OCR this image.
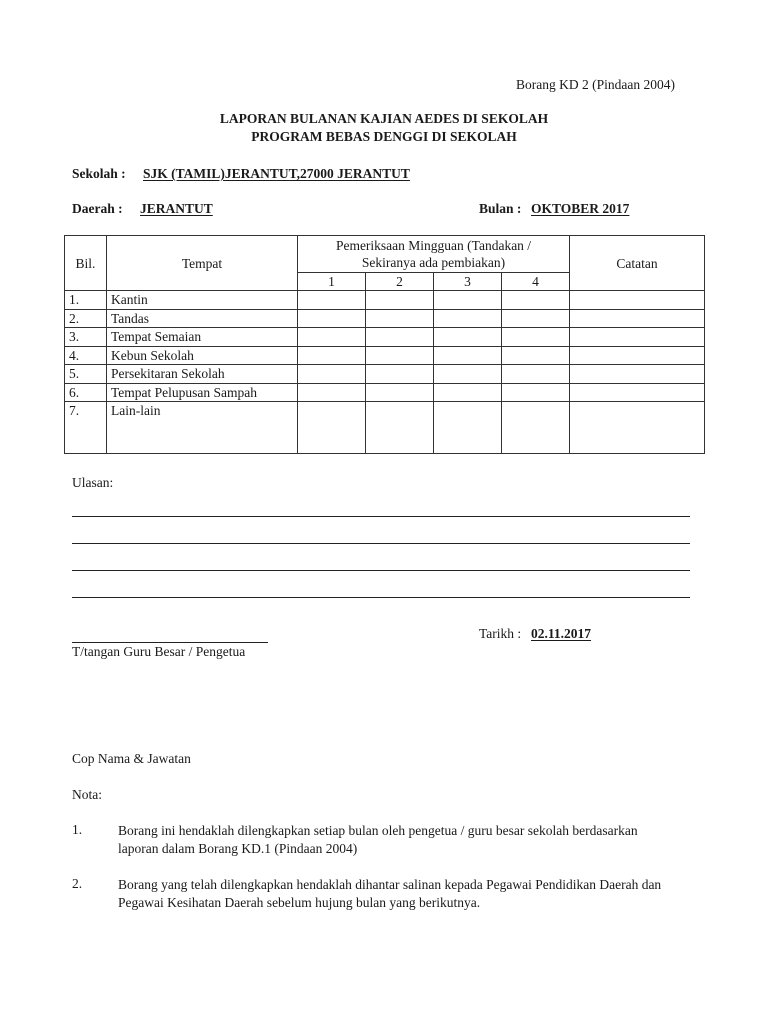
Borang KD 2 (Pindaan 2004)
LAPORAN BULANAN KAJIAN AEDES DI SEKOLAH
PROGRAM BEBAS DENGGI DI SEKOLAH
Sekolah : SJK (TAMIL)JERANTUT,27000 JERANTUT
Daerah : JERANTUT	Bulan : OKTOBER 2017
Bil.	Tempat	Pemeriksaan Mingguan (Tandakan / Sekiranya ada pembiakan)				Catatan
		1	2	3	4	
1.	Kantin					
2.	Tandas					
3.	Tempat Semaian					
4.	Kebun Sekolah					
5.	Persekitaran Sekolah					
6.	Tempat Pelupusan Sampah					
7.	Lain-lain					
Ulasan:
T/tangan Guru Besar / Pengetua
Tarikh : 02.11.2017
Cop Nama & Jawatan
Nota:
1.	Borang ini hendaklah dilengkapkan setiap bulan oleh pengetua / guru besar sekolah berdasarkan laporan dalam Borang KD.1 (Pindaan 2004)
2.	Borang yang telah dilengkapkan hendaklah dihantar salinan kepada Pegawai Pendidikan Daerah dan Pegawai Kesihatan Daerah sebelum hujung bulan yang berikutnya.
